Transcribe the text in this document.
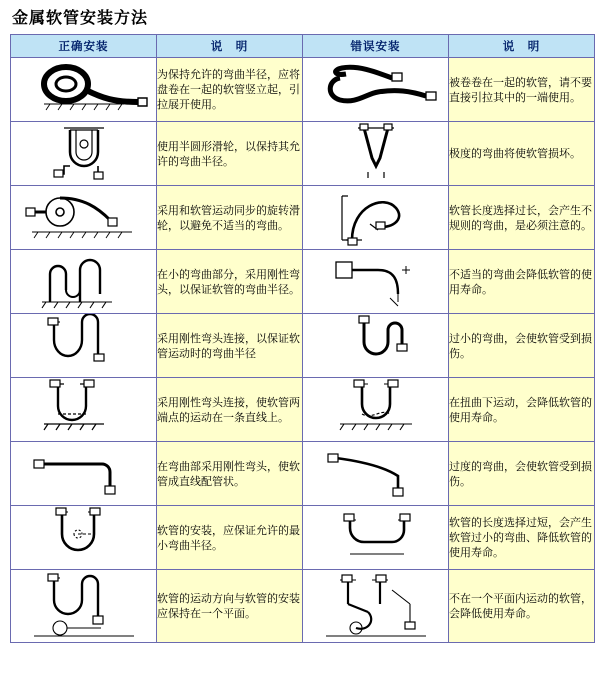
金属软管安装方法
正确安装	说　明	错误安装	说　明

	为保持允许的弯曲半径，应将盘卷在一起的软管竖立起，引拉展开使用。		被卷卷在一起的软管，请不要直接引拉其中的一端使用。

	使用半圆形滑轮，以保持其允许的弯曲半径。		极度的弯曲将使软管损坏。

	采用和软管运动同步的旋转滑轮，以避免不适当的弯曲。		软管长度选择过长，会产生不规则的弯曲，是必须注意的。

	在小的弯曲部分，采用刚性弯头，以保证软管的弯曲半径。		不适当的弯曲会降低软管的使用寿命。

	采用刚性弯头连接，以保证软管运动时的弯曲半径		过小的弯曲，会使软管受到损伤。

	采用刚性弯头连接，使软管两端点的运动在一条直线上。		在扭曲下运动，会降低软管的使用寿命。

	在弯曲部采用刚性弯头，使软管成直线配管状。		过度的弯曲，会使软管受到损伤。

	软管的安装，应保证允许的最小弯曲半径。		软管的长度选择过短，会产生软管过小的弯曲、降低软管的使用寿命。

	软管的运动方向与软管的安装应保持在一个平面。		不在一个平面内运动的软管，会降低使用寿命。
